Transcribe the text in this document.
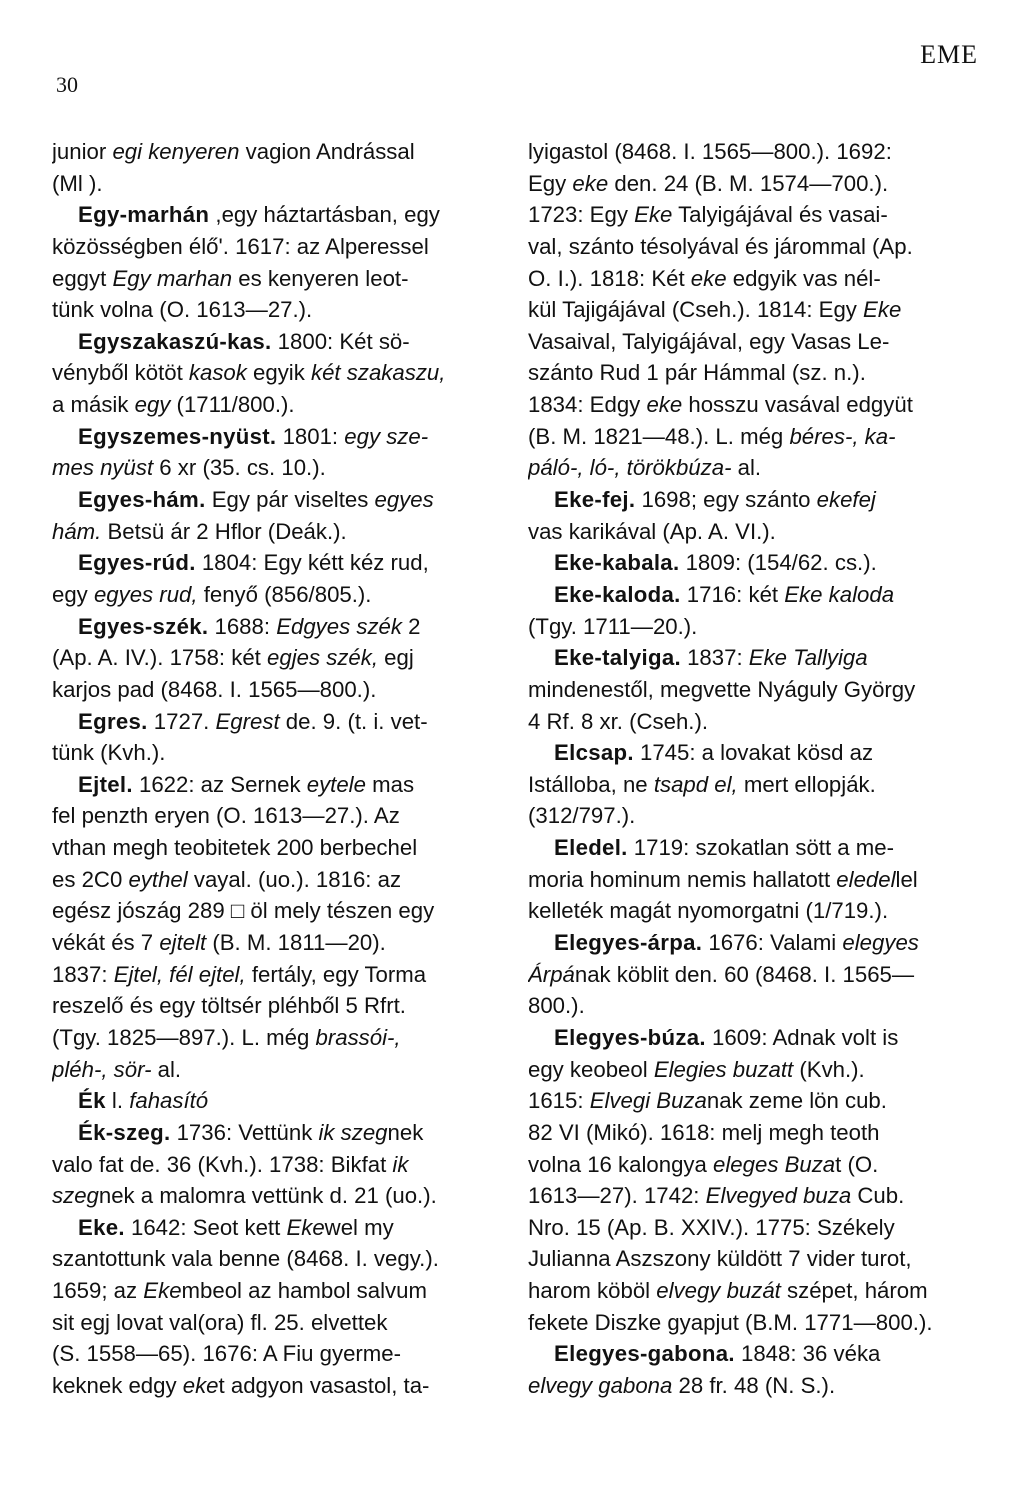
30
EME
junior egi kenyeren vagion Andrással
(Ml ).
Egy-marhán ,egy háztartásban, egy
közösségben élő'. 1617: az Alperessel
eggyt Egy marhan es kenyeren leot-
tünk volna (O. 1613—27.).
Egyszakaszú-kas. 1800: Két sö-
vényből kötöt kasok egyik két szakaszu,
a másik egy (1711/800.).
Egyszemes-nyüst. 1801: egy sze-
mes nyüst 6 xr (35. cs. 10.).
Egyes-hám. Egy pár viseltes egyes
hám. Betsü ár 2 Hflor (Deák.).
Egyes-rúd. 1804: Egy kétt kéz rud,
egy egyes rud, fenyő (856/805.).
Egyes-szék. 1688: Edgyes szék 2
(Ap. A. IV.). 1758: két egjes szék, egj
karjos pad (8468. I. 1565—800.).
Egres. 1727. Egrest de. 9. (t. i. vet-
tünk (Kvh.).
Ejtel. 1622: az Sernek eytele mas
fel penzth eryen (O. 1613—27.). Az
vthan megh teobitetek 200 berbechel
es 2C0 eythel vayal. (uo.). 1816: az
egész jószág 289 □ öl mely tészen egy
vékát és 7 ejtelt (B. M. 1811—20).
1837: Ejtel, fél ejtel, fertály, egy Torma
reszelő és egy töltsér pléhből 5 Rfrt.
(Tgy. 1825—897.). L. még brassói-,
pléh-, sör- al.
Ék l. fahasító
Ék-szeg. 1736: Vettünk ik szegnek
valo fat de. 36 (Kvh.). 1738: Bikfat ik
szegnek a malomra vettünk d. 21 (uo.).
Eke. 1642: Seot kett Ekewel my
szantottunk vala benne (8468. I. vegy.).
1659; az Ekembeol az hambol salvum
sit egj lovat val(ora) fl. 25. elvettek
(S. 1558—65). 1676: A Fiu gyerme-
keknek edgy eket adgyon vasastol, ta-
lyigastol (8468. I. 1565—800.). 1692:
Egy eke den. 24 (B. M. 1574—700.).
1723: Egy Eke Talyigájával és vasai-
val, szánto tésolyával és járommal (Ap.
O. I.). 1818: Két eke edgyik vas nél-
kül Tajigájával (Cseh.). 1814: Egy Eke
Vasaival, Talyigájával, egy Vasas Le-
szánto Rud 1 pár Hámmal (sz. n.).
1834: Edgy eke hosszu vasával edgyüt
(B. M. 1821—48.). L. még béres-, ka-
páló-, ló-, törökbúza- al.
Eke-fej. 1698; egy szánto ekefej
vas karikával (Ap. A. VI.).
Eke-kabala. 1809: (154/62. cs.).
Eke-kaloda. 1716: két Eke kaloda
(Tgy. 1711—20.).
Eke-talyiga. 1837: Eke Tallyiga
mindenestől, megvette Nyáguly György
4 Rf. 8 xr. (Cseh.).
Elcsap. 1745: a lovakat kösd az
Istálloba, ne tsapd el, mert ellopják.
(312/797.).
Eledel. 1719: szokatlan sött a me-
moria hominum nemis hallatott eledellel
kelleték magát nyomorgatni (1/719.).
Elegyes-árpa. 1676: Valami elegyes
Árpának köblit den. 60 (8468. I. 1565—
800.).
Elegyes-búza. 1609: Adnak volt is
egy keobeol Elegies buzatt (Kvh.).
1615: Elvegi Buzanak zeme lön cub.
82 VI (Mikó). 1618: melj megh teoth
volna 16 kalongya eleges Buzat (O.
1613—27). 1742: Elvegyed buza Cub.
Nro. 15 (Ap. B. XXIV.). 1775: Székely
Julianna Aszszony küldött 7 vider turot,
harom köböl elvegy buzát szépet, három
fekete Diszke gyapjut (B.M. 1771—800.).
Elegyes-gabona. 1848: 36 véka
elvegy gabona 28 fr. 48 (N. S.).
